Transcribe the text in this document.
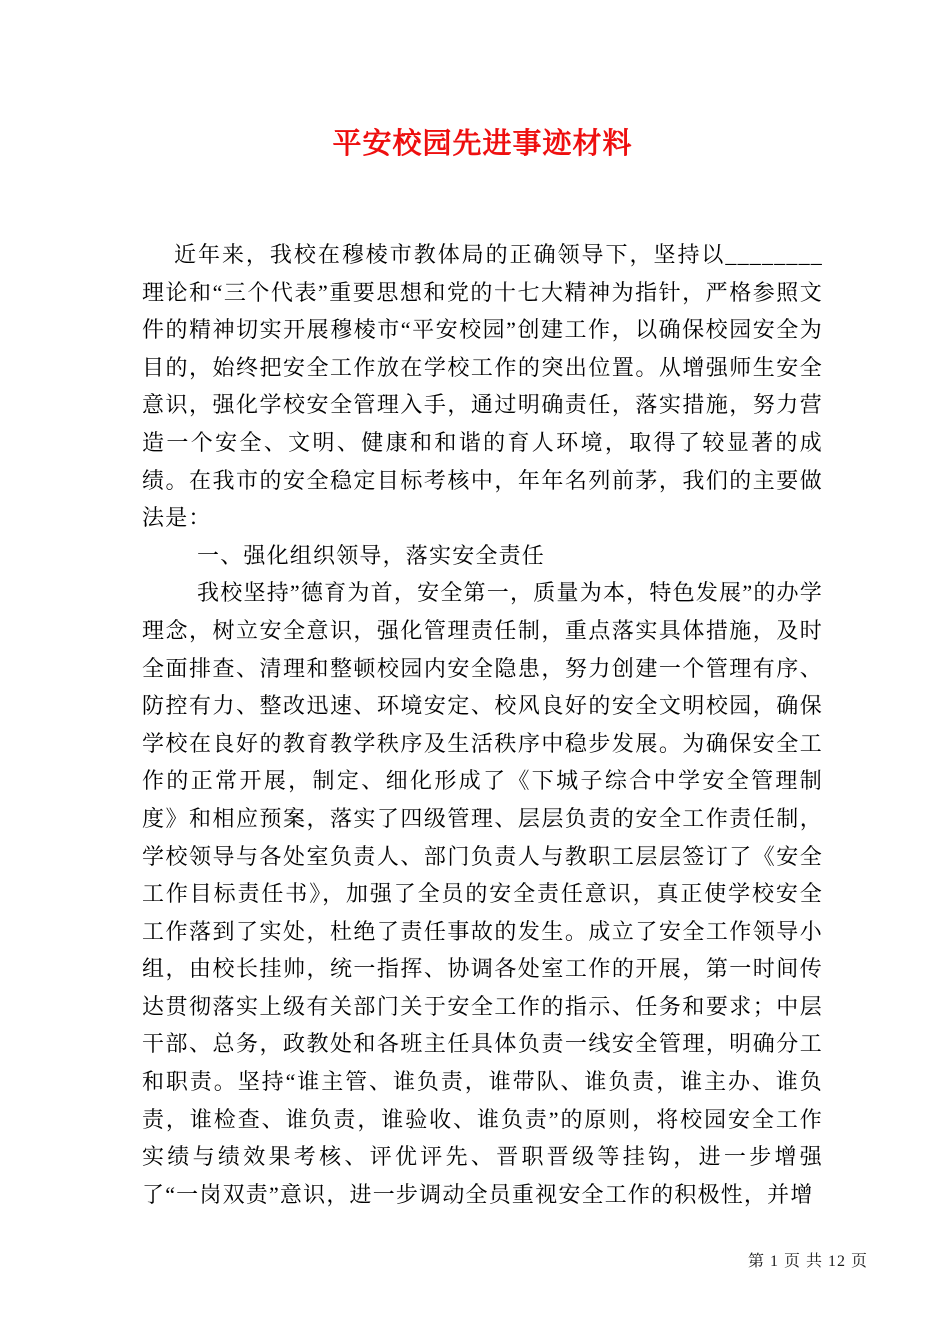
平安校园先进事迹材料

近年来，我校在穆棱市教体局的正确领导下，坚持以________理论和“三个代表”重要思想和党的十七大精神为指针，严格参照文件的精神切实开展穆棱市“平安校园”创建工作，以确保校园安全为目的，始终把安全工作放在学校工作的突出位置。从增强师生安全意识，强化学校安全管理入手，通过明确责任，落实措施，努力营造一个安全、文明、健康和和谐的育人环境，取得了较显著的成绩。在我市的安全稳定目标考核中，年年名列前茅，我们的主要做法是：

一、强化组织领导，落实安全责任

我校坚持”德育为首，安全第一，质量为本，特色发展”的办学理念，树立安全意识，强化管理责任制，重点落实具体措施，及时全面排查、清理和整顿校园内安全隐患，努力创建一个管理有序、防控有力、整改迅速、环境安定、校风良好的安全文明校园，确保学校在良好的教育教学秩序及生活秩序中稳步发展。为确保安全工作的正常开展，制定、细化形成了《下城子综合中学安全管理制度》和相应预案，落实了四级管理、层层负责的安全工作责任制，学校领导与各处室负责人、部门负责人与教职工层层签订了《安全工作目标责任书》，加强了全员的安全责任意识，真正使学校安全工作落到了实处，杜绝了责任事故的发生。成立了安全工作领导小组，由校长挂帅，统一指挥、协调各处室工作的开展，第一时间传达贯彻落实上级有关部门关于安全工作的指示、任务和要求；中层干部、总务，政教处和各班主任具体负责一线安全管理，明确分工和职责。坚持“谁主管、谁负责，谁带队、谁负责，谁主办、谁负责，谁检查、谁负责，谁验收、谁负责”的原则，将校园安全工作实绩与绩效果考核、评优评先、晋职晋级等挂钩，进一步增强了“一岗双责”意识，进一步调动全员重视安全工作的积极性，并增

第 1 页 共 12 页
